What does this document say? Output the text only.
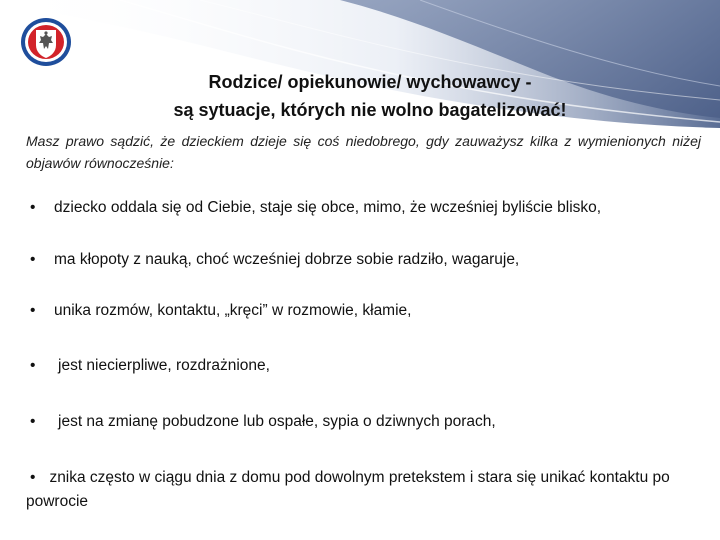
Rodzice/ opiekunowie/ wychowawcy -
są sytuacje, których nie wolno bagatelizować!

Masz prawo sądzić, że dzieckiem dzieje się coś niedobrego, gdy zauważysz kilka z wymienionych niżej objawów równocześnie:

• dziecko oddala się od Ciebie, staje się obce, mimo, że wcześniej byliście blisko,
• ma kłopoty z nauką, choć wcześniej dobrze sobie radziło, wagaruje,
• unika rozmów, kontaktu, „kręci” w rozmowie, kłamie,
• jest niecierpliwe, rozdrażnione,
• jest na zmianę pobudzone lub ospałe, sypia o dziwnych porach,
• znika często w ciągu dnia z domu pod dowolnym pretekstem i stara się unikać kontaktu po powrocie
